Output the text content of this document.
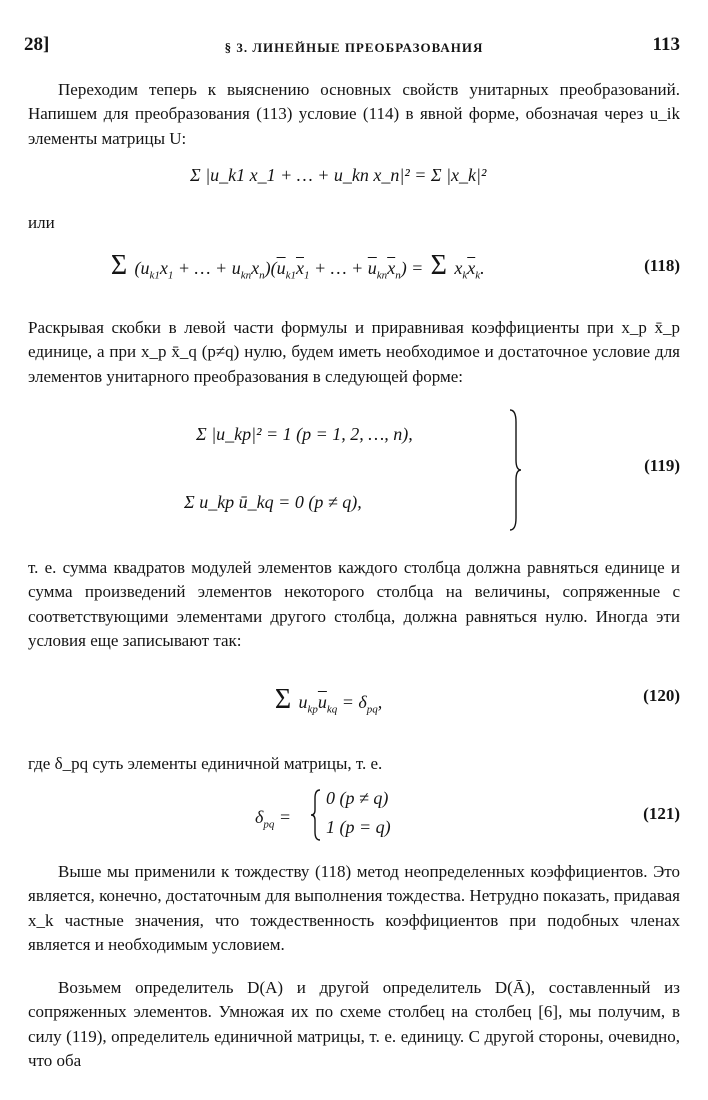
28]	§ 3. ЛИНЕЙНЫЕ ПРЕОБРАЗОВАНИЯ	113
Переходим теперь к выяснению основных свойств унитарных преобразований. Напишем для преобразования (113) условие (114) в явной форме, обозначая через u_ik элементы матрицы U:
Σ |u_k1 x_1 + … + u_kn x_n|² = Σ |x_k|²
или
Σ ($u_{k1}x_1$ + … + $u_{kn}x_n)(\overline{u}_{k1}\overline{x}_1$ + … + $\overline{u}_{kn}\overline{x}_n) = \Sigma$ $x_k\overline{x}_k$.	(118)
Раскрывая скобки в левой части формулы и приравнивая коэффициенты при x_p x̄_p единице, а при x_p x̄_q (p≠q) нулю, будем иметь необходимое и достаточное условие для элементов унитарного преобразования в следующей форме:
Σ |u_kp|² = 1 (p = 1, 2, …, n),
Σ u_kp ū_kq = 0 (p ≠ q),
(119)
т. е. сумма квадратов модулей элементов каждого столбца должна равняться единице и сумма произведений элементов некоторого столбца на величины, сопряженные с соответствующими элементами другого столбца, должна равняться нулю. Иногда эти условия еще записывают так:
Σ $u_{kp}\overline{u}_{kq} = \delta_{pq}$,	(120)
где δ_pq суть элементы единичной матрицы, т. е.
$\delta_{pq}$ =
0 (p ≠ q)
1 (p = q)
(121)
Выше мы применили к тождеству (118) метод неопределенных коэффициентов. Это является, конечно, достаточным для выполнения тождества. Нетрудно показать, придавая x_k частные значения, что тождественность коэффициентов при подобных членах является и необходимым условием.
Возьмем определитель D(A) и другой определитель D(Ā), составленный из сопряженных элементов. Умножая их по схеме столбец на столбец [6], мы получим, в силу (119), определитель единичной матрицы, т. е. единицу. С другой стороны, очевидно, что оба
